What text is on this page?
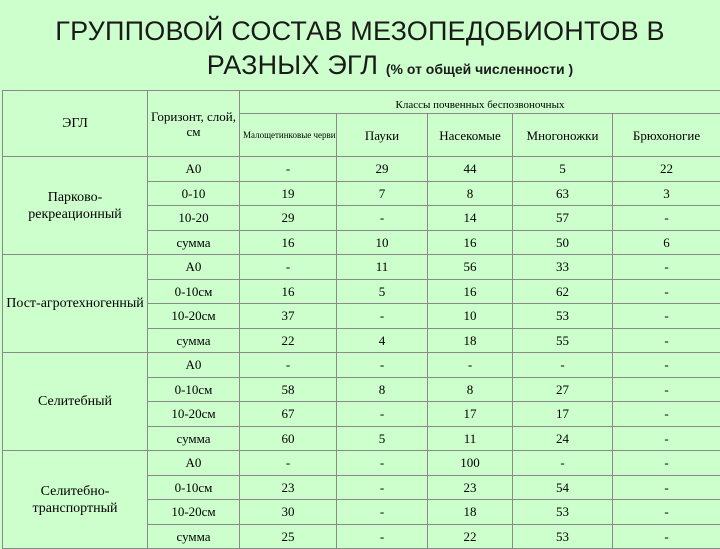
ГРУППОВОЙ СОСТАВ МЕЗОПЕДОБИОНТОВ В
РАЗНЫХ ЭГЛ (% от общей численности )
ЭГЛ	Горизонт, слой, см	Классы почвенных беспозвоночных				
		Малощетинковые черви	Пауки	Насекомые	Многоножки	Брюхоногие
Парково-рекреационный	А0	-	29	44	5	22
	0-10	19	7	8	63	3
	10-20	29	-	14	57	-
	сумма	16	10	16	50	6
Пост-агротехногенный	А0	-	11	56	33	-
	0-10см	16	5	16	62	-
	10-20см	37	-	10	53	-
	сумма	22	4	18	55	-
Селитебный	А0	-	-	-	-	-
	0-10см	58	8	8	27	-
	10-20см	67	-	17	17	-
	сумма	60	5	11	24	-
Селитебно-транспортный	А0	-	-	100	-	-
	0-10см	23	-	23	54	-
	10-20см	30	-	18	53	-
	сумма	25	-	22	53	-
